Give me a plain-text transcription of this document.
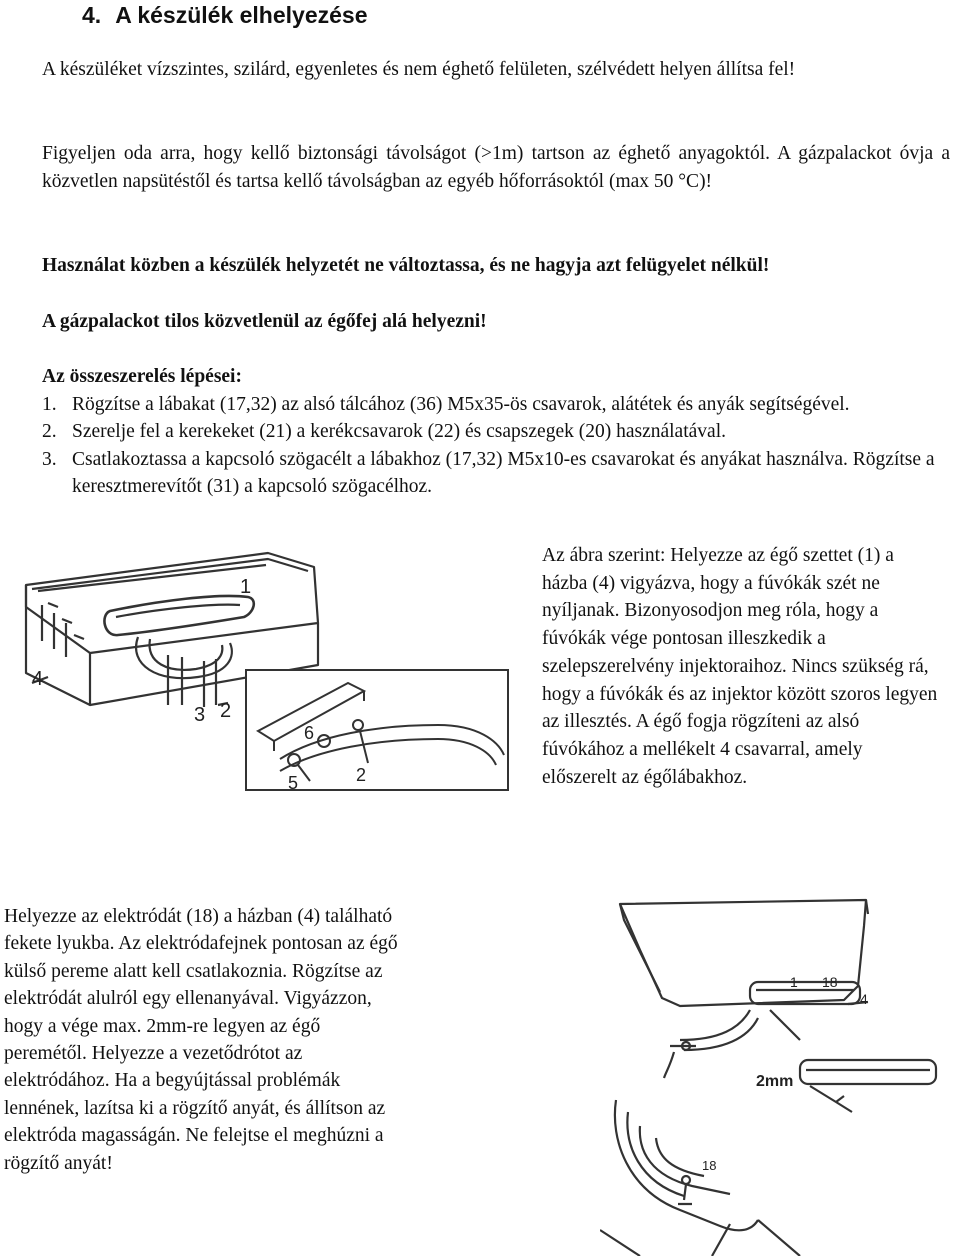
4. A készülék elhelyezése
A készüléket vízszintes, szilárd, egyenletes és nem éghető felületen, szélvédett helyen állítsa fel!
Figyeljen oda arra, hogy kellő biztonsági távolságot (>1m) tartson az éghető anyagoktól. A gázpalackot óvja a közvetlen napsütéstől és tartsa kellő távolságban az egyéb hőforrásoktól (max 50 °C)!
Használat közben a készülék helyzetét ne változtassa, és ne hagyja azt felügyelet nélkül!
A gázpalackot tilos közvetlenül az égőfej alá helyezni!
Az összeszerelés lépései:
1. Rögzítse a lábakat (17,32) az alsó tálcához (36) M5x35-ös csavarok, alátétek és anyák segítségével.
2. Szerelje fel a kerekeket (21) a kerékcsavarok (22) és csapszegek (20) használatával.
3. Csatlakoztassa a kapcsoló szögacélt a lábakhoz (17,32) M5x10-es csavarokat és anyákat használva. Rögzítse a keresztmerevítőt (31) a kapcsoló szögacélhoz.
1
4
3 2
6
5	2
Az ábra szerint: Helyezze az égő szettet (1) a házba (4) vigyázva, hogy a fúvókák szét ne nyíljanak. Bizonyosodjon meg róla, hogy a fúvókák vége pontosan illeszkedik a szelepszerelvény injektoraihoz. Nincs szükség rá, hogy a fúvókák és az injektor között szoros legyen az illesztés. A égő fogja rögzíteni az alsó fúvókához a mellékelt 4 csavarral, amely előszerelt az égőlábakhoz.
Helyezze az elektródát (18) a házban (4) található fekete lyukba. Az elektródafejnek pontosan az égő külső pereme alatt kell csatlakoznia. Rögzítse az elektródát alulról egy ellenanyával. Vigyázzon, hogy a vége max. 2mm-re legyen az égő peremétől. Helyezze a vezetődrótot az elektródához. Ha a begyújtással problémák lennének, lazítsa ki a rögzítő anyát, és állítson az elektróda magasságán. Ne felejtse el meghúzni a rögzítő anyát!
1 18
4
2mm
18
